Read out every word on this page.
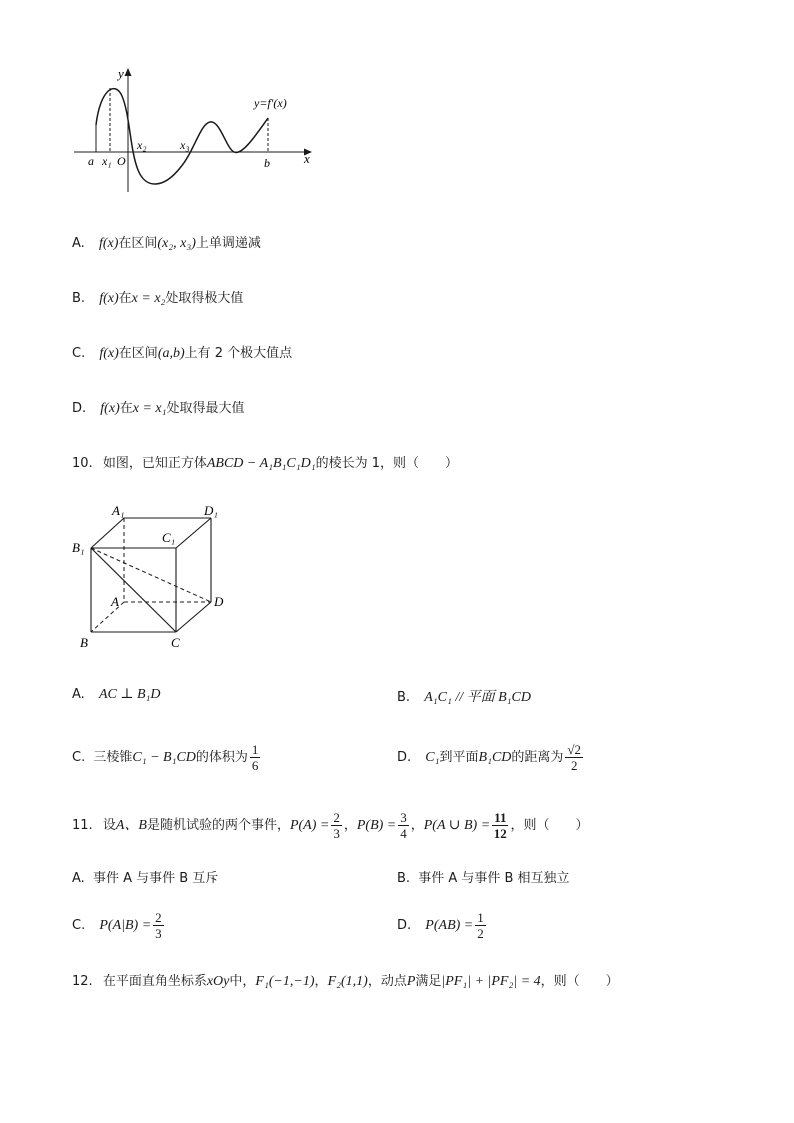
y
x
y=f′(x)
a x₁ O
x₂	x₃
b
A. f(x)在区间(x₂, x₃)上单调递减
B. f(x)在x = x₂处取得极大值
C. f(x)在区间(a,b)上有 2 个极大值点
D. f(x)在x = x₁处取得最大值
10. 如图，已知正方体ABCD − A₁B₁C₁D₁的棱长为 1，则（　　）
A₁	D₁
C₁
B₁
A	D
B	C
A. AC ⊥ B₁D	B. A₁C₁ // 平面 B₁CD
C. 三棱锥C₁ − B₁CD的体积为 $\frac{1}{6}$	D. C₁到平面B₁CD的距离为 $\frac{√2}{2}$
11. 设A、B是随机试验的两个事件，$P(A) = \frac{2}{3}$ ，$P(B) = \frac{3}{4}$ ，P(A ∪ $B) = \frac{11}{12}$ ，则（　　）
A. 事件 A 与事件 B 互斥	B. 事件 A 与事件 B 相互独立
C. $P(A|B) = \frac{2}{3}$	D. $P(AB) = \frac{1}{2}$
12. 在平面直角坐标系xOy中，F₁(−1,−1)，F₂(1,1)，动点P满足|PF₁| + |PF₂| = 4，则（　　）
